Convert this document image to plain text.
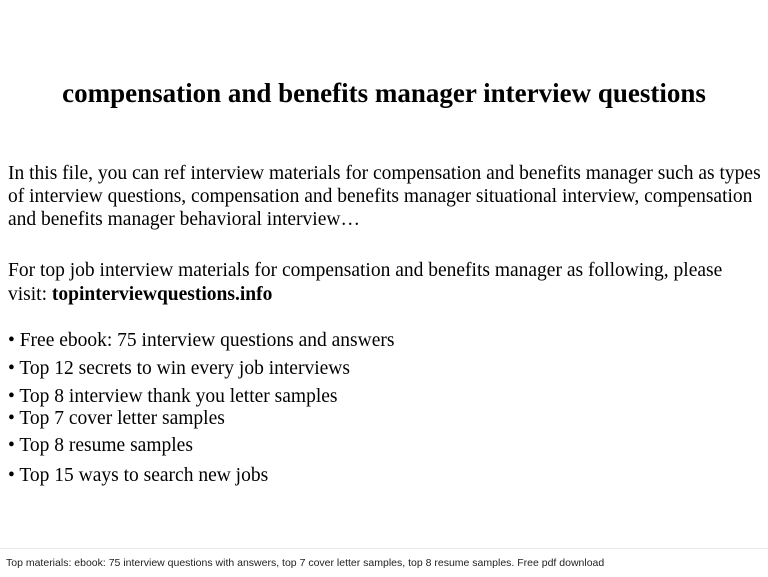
compensation and benefits manager interview questions
In this file, you can ref interview materials for compensation and benefits manager such as types of interview questions, compensation and benefits manager situational interview, compensation and benefits manager behavioral interview…
For top job interview materials for compensation and benefits manager as following, please visit: topinterviewquestions.info
• Free ebook: 75 interview questions and answers
• Top 12 secrets to win every job interviews
• Top 8 interview thank you letter samples
• Top 7 cover letter samples
• Top 8 resume samples
• Top 15 ways to search new jobs
Top materials: ebook: 75 interview questions with answers, top 7 cover letter samples, top 8 resume samples. Free pdf download
